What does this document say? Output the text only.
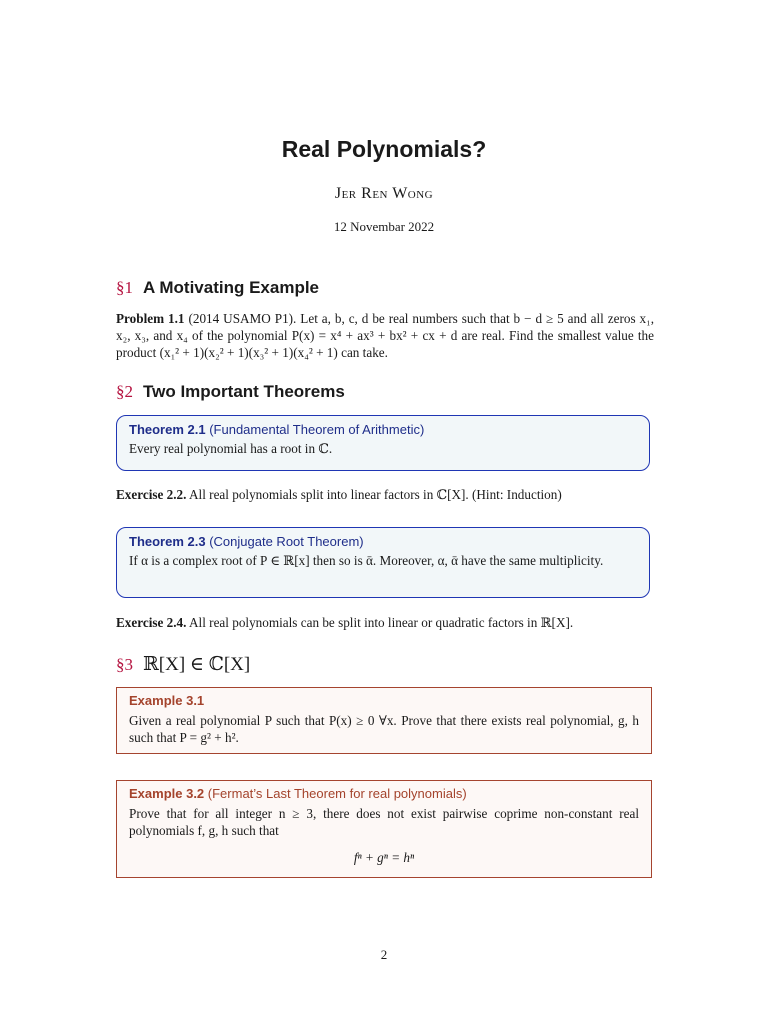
Real Polynomials?
Jer Ren Wong
12 Novembar 2022
§1 A Motivating Example
Problem 1.1 (2014 USAMO P1). Let a, b, c, d be real numbers such that b − d ≥ 5 and all zeros x₁, x₂, x₃, and x₄ of the polynomial P(x) = x⁴ + ax³ + bx² + cx + d are real. Find the smallest value the product (x₁² + 1)(x₂² + 1)(x₃² + 1)(x₄² + 1) can take.
§2 Two Important Theorems
Theorem 2.1 (Fundamental Theorem of Arithmetic)
Every real polynomial has a root in ℂ.
Exercise 2.2. All real polynomials split into linear factors in ℂ[X]. (Hint: Induction)
Theorem 2.3 (Conjugate Root Theorem)
If α is a complex root of P ∈ ℝ[x] then so is ᾱ. Moreover, α, ᾱ have the same multiplicity.
Exercise 2.4. All real polynomials can be split into linear or quadratic factors in ℝ[X].
§3 ℝ[X] ∈ ℂ[X]
Example 3.1
Given a real polynomial P such that P(x) ≥ 0 ∀x. Prove that there exists real polynomial, g, h such that P = g² + h².
Example 3.2 (Fermat’s Last Theorem for real polynomials)
Prove that for all integer n ≥ 3, there does not exist pairwise coprime non-constant real polynomials f, g, h such that
fⁿ + gⁿ = hⁿ
2
